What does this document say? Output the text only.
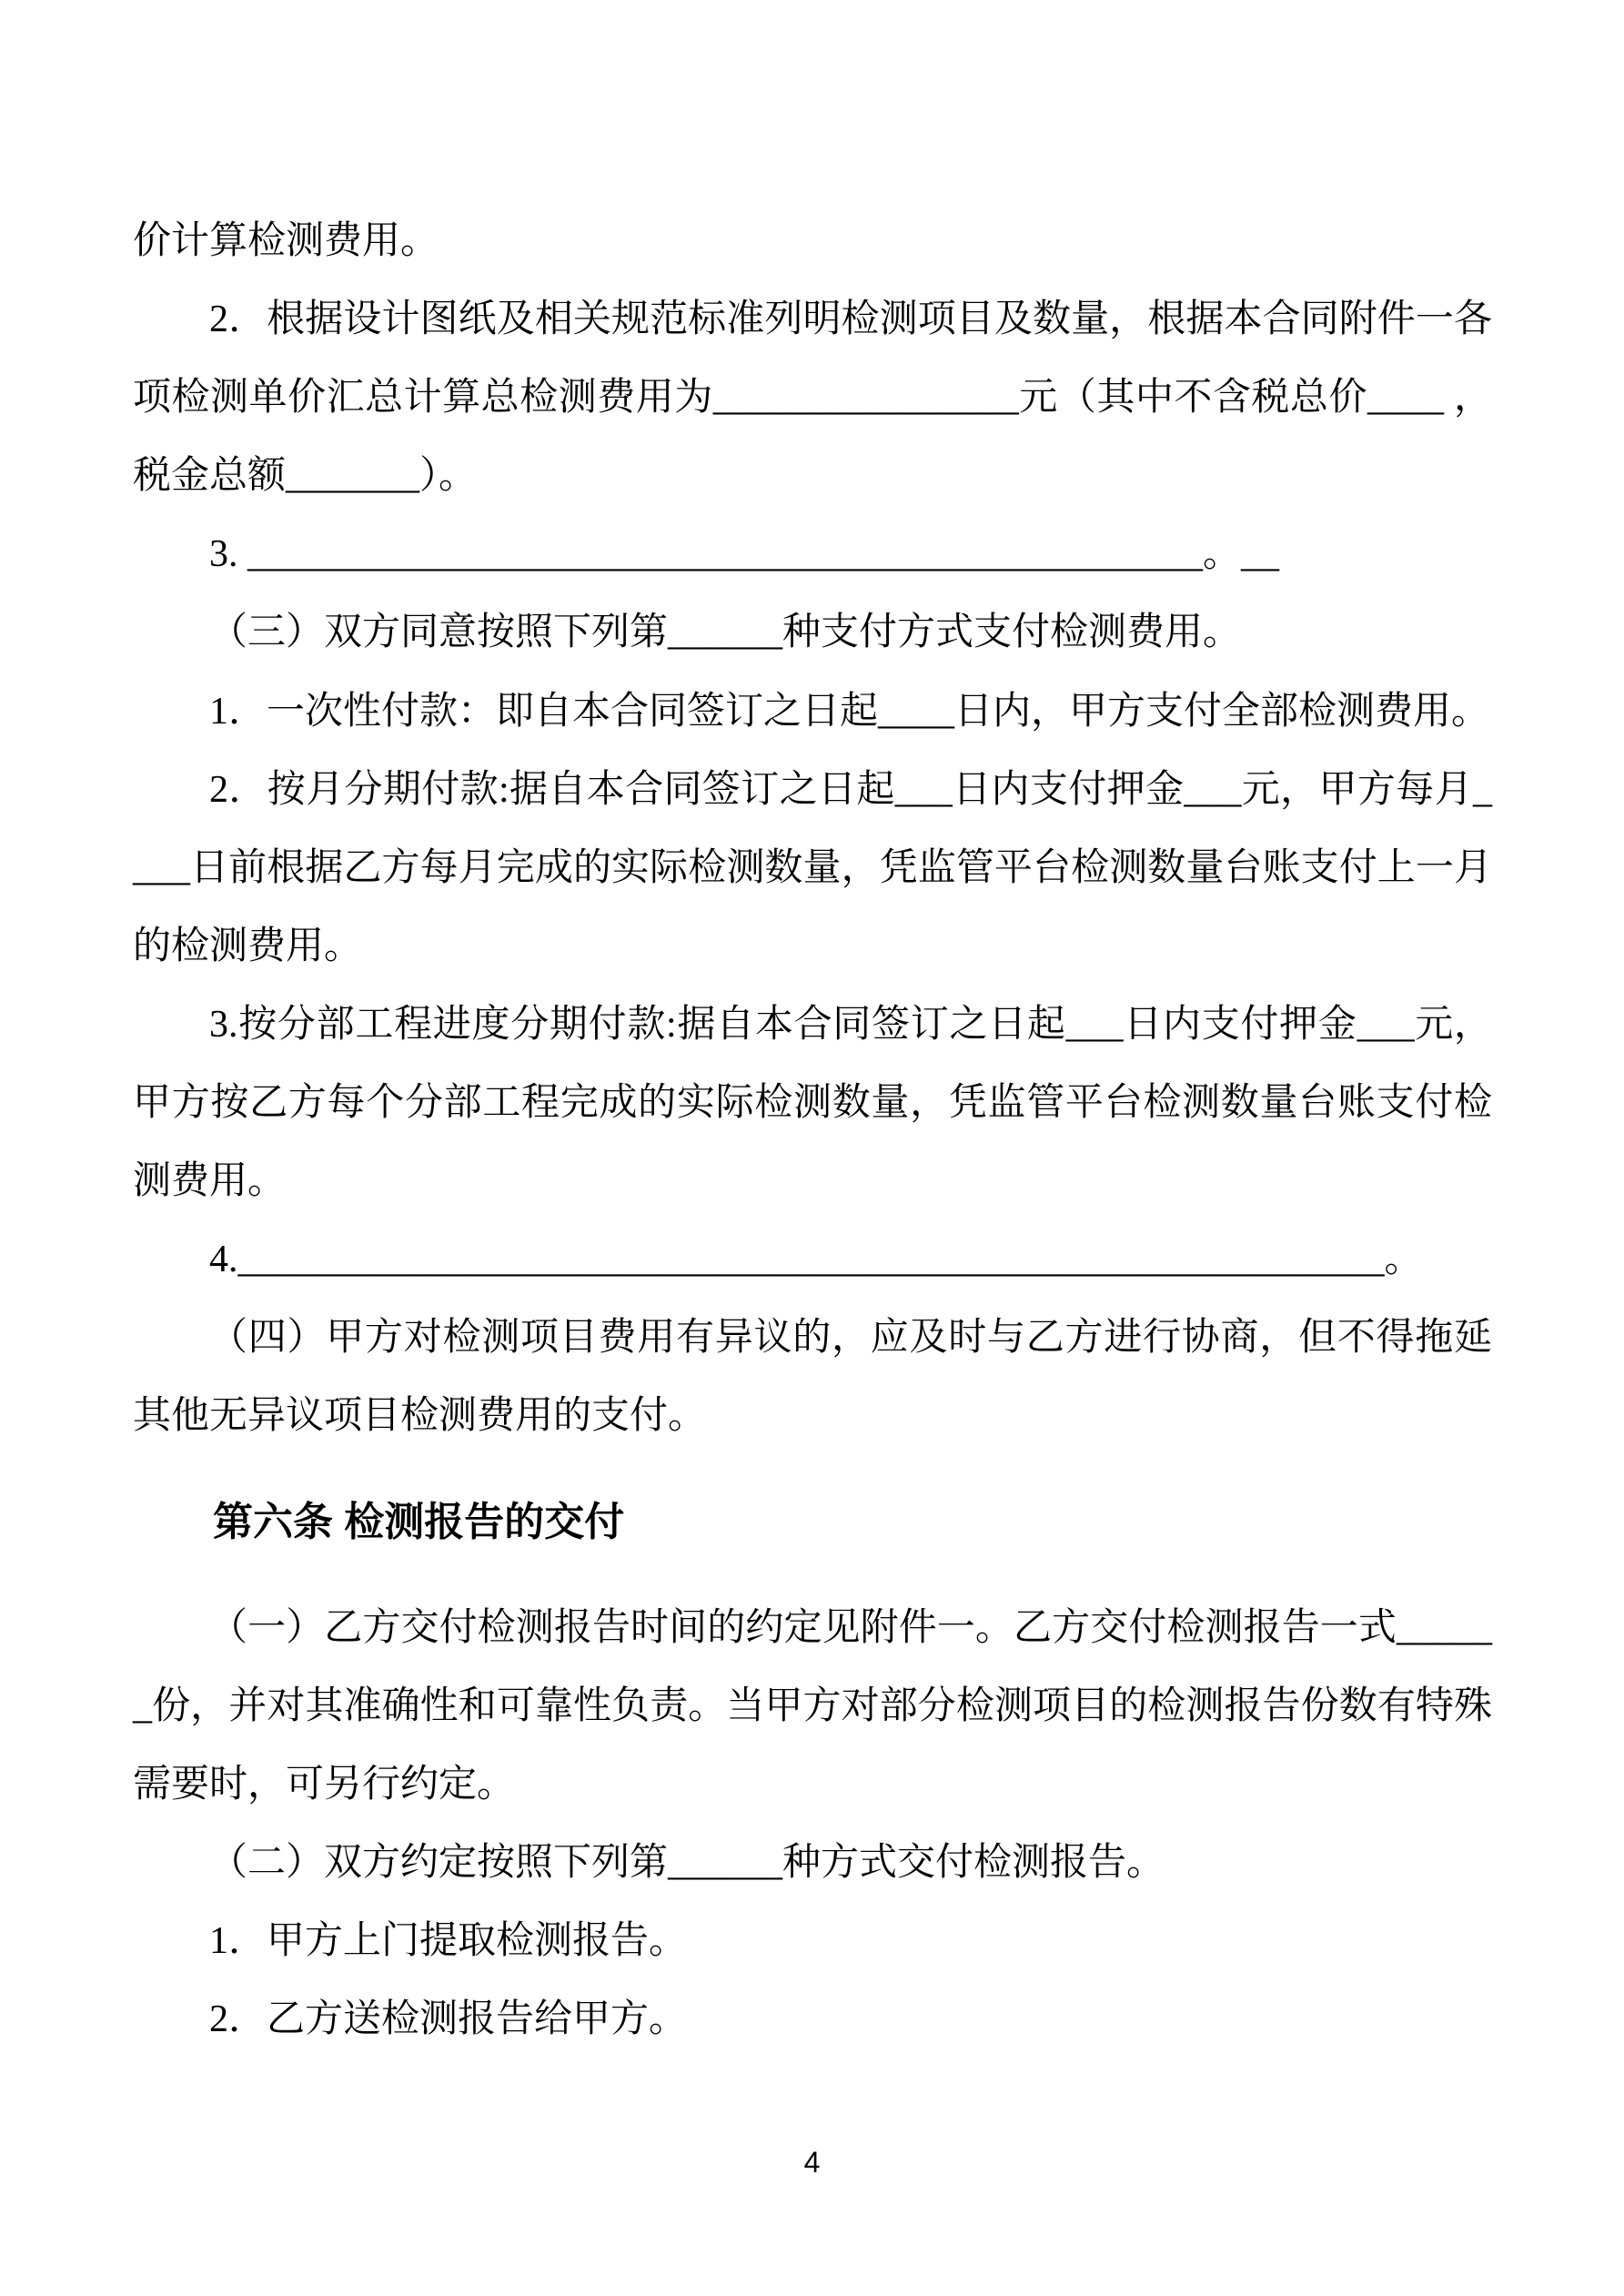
价计算检测费用。

2．根据设计图纸及相关规范标准列明检测项目及数量，根据本合同附件一各项检测单价汇总计算总检测费用为________________元（其中不含税总价____ ，税金总额_______）。

3. __________________________________________________。__

（三）双方同意按照下列第______种支付方式支付检测费用。

1．一次性付款：即自本合同签订之日起____日内，甲方支付全部检测费用。

2．按月分期付款:据自本合同签订之日起___日内支付押金___元，甲方每月____日前根据乙方每月完成的实际检测数量，凭监管平台检测数量台账支付上一月的检测费用。

3.按分部工程进度分期付款:据自本合同签订之日起___日内支付押金___元，甲方按乙方每个分部工程完成的实际检测数量，凭监管平台检测数量台账支付检测费用。

4.____________________________________________________________。

（四）甲方对检测项目费用有异议的，应及时与乙方进行协商，但不得拖延其他无异议项目检测费用的支付。

第六条 检测报告的交付

（一）乙方交付检测报告时间的约定见附件一。乙方交付检测报告一式______份，并对其准确性和可靠性负责。当甲方对部分检测项目的检测报告份数有特殊需要时，可另行约定。

（二）双方约定按照下列第______种方式交付检测报告。

1．甲方上门提取检测报告。

2．乙方送检测报告给甲方。

4
